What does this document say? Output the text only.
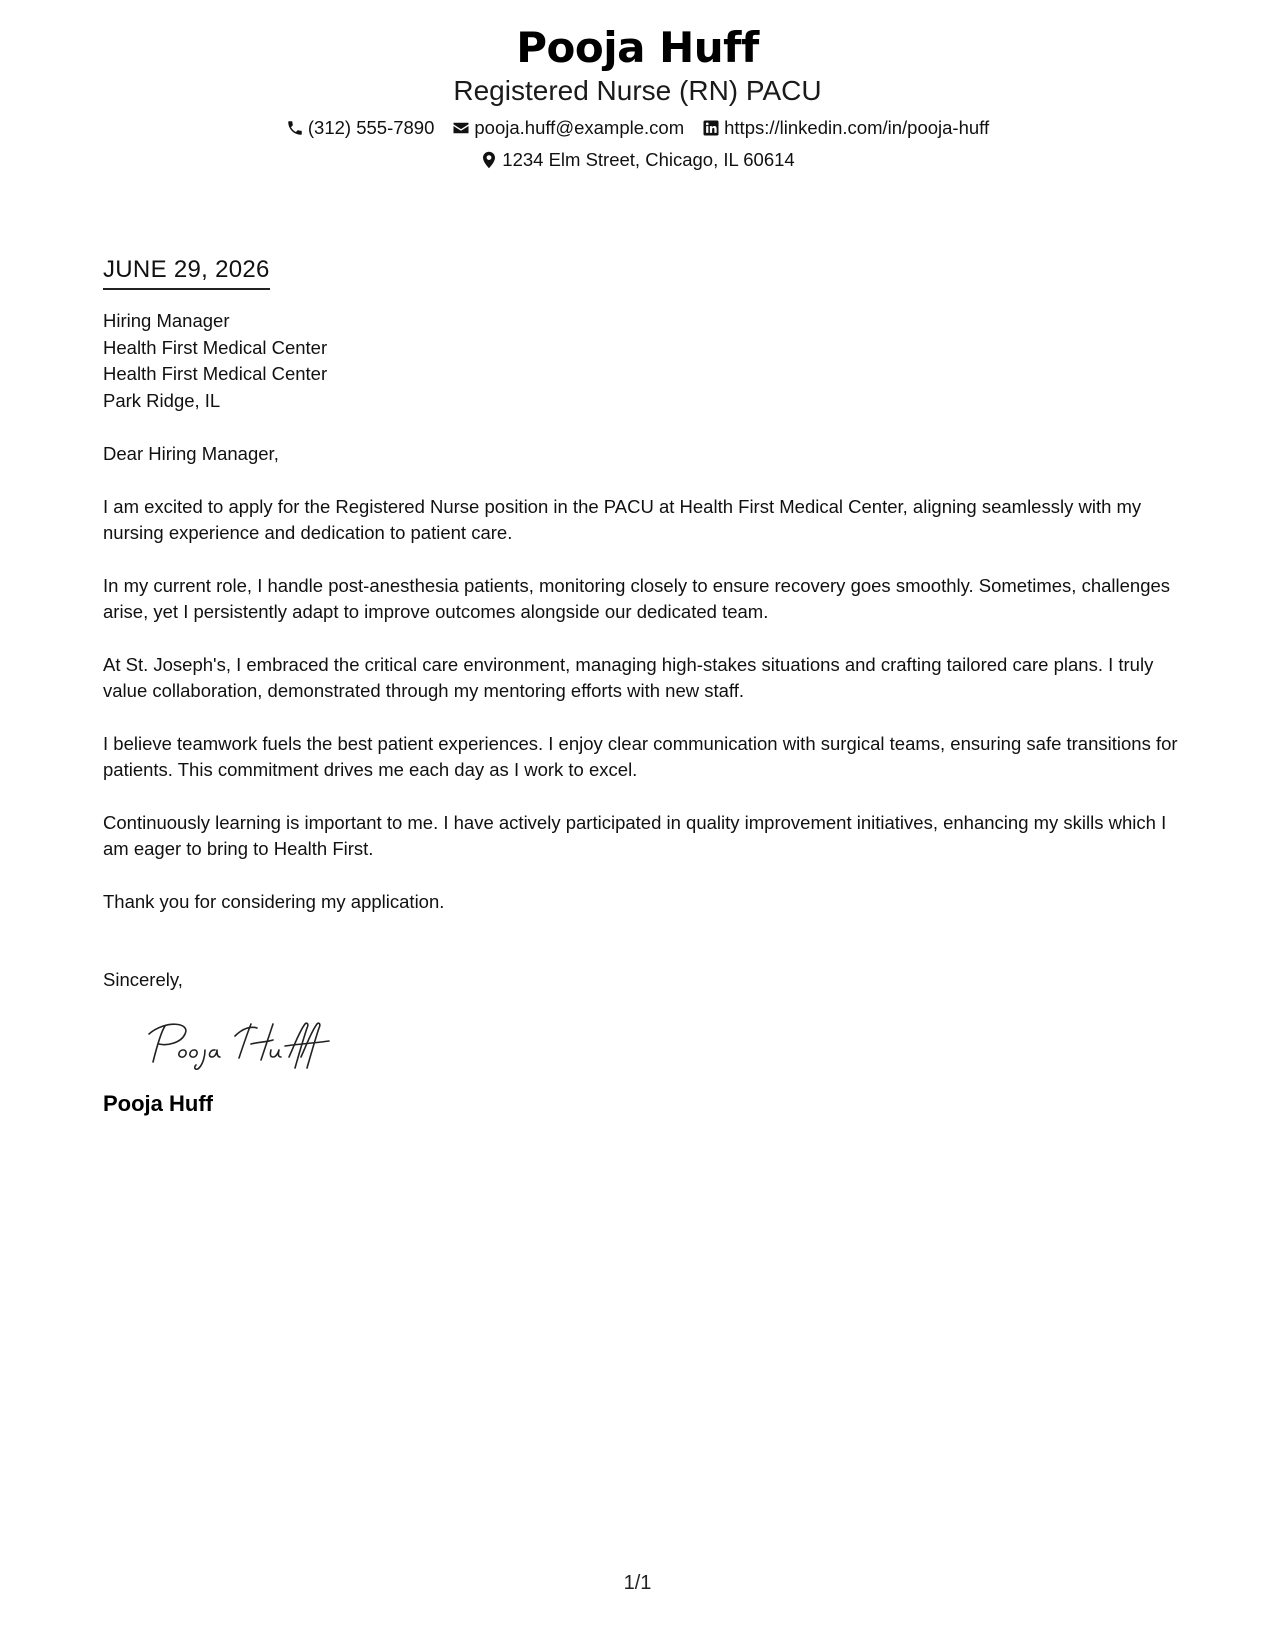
Pooja Huff
Registered Nurse (RN) PACU
(312) 555-7890 pooja.huff@example.com https://linkedin.com/in/pooja-huff
1234 Elm Street, Chicago, IL 60614
JUNE 29, 2026
Hiring Manager
Health First Medical Center
Health First Medical Center
Park Ridge, IL
Dear Hiring Manager,
I am excited to apply for the Registered Nurse position in the PACU at Health First Medical Center, aligning seamlessly with my nursing experience and dedication to patient care.
In my current role, I handle post-anesthesia patients, monitoring closely to ensure recovery goes smoothly. Sometimes, challenges arise, yet I persistently adapt to improve outcomes alongside our dedicated team.
At St. Joseph's, I embraced the critical care environment, managing high-stakes situations and crafting tailored care plans. I truly value collaboration, demonstrated through my mentoring efforts with new staff.
I believe teamwork fuels the best patient experiences. I enjoy clear communication with surgical teams, ensuring safe transitions for patients. This commitment drives me each day as I work to excel.
Continuously learning is important to me. I have actively participated in quality improvement initiatives, enhancing my skills which I am eager to bring to Health First.
Thank you for considering my application.
Sincerely,
Pooja Huff
1/1
